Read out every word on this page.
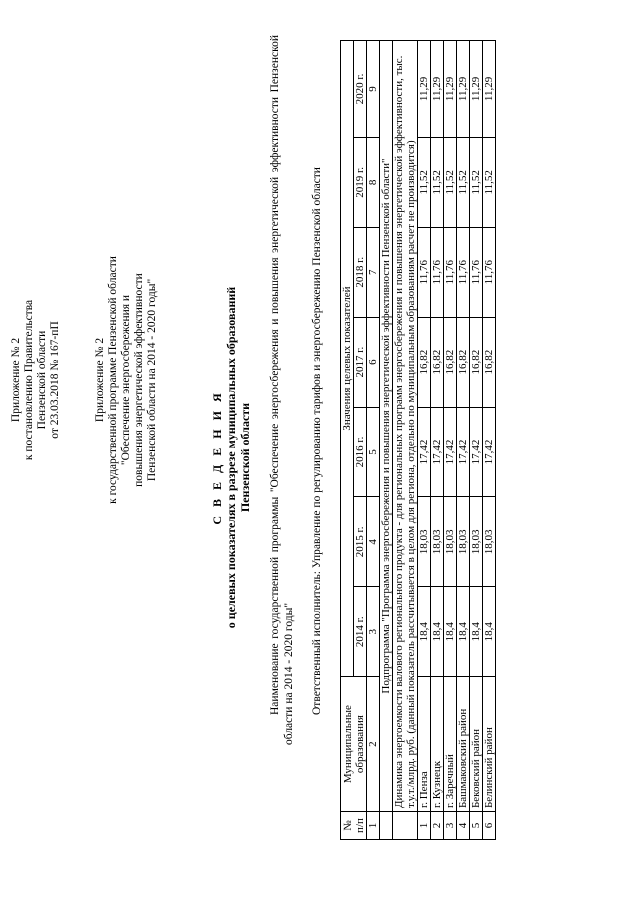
Приложение № 2 к постановлению Правительства Пензенской области от 23.03.2018 № 167-пП	Приложение № 2 к государственной программе Пензенской области "Обеспечение энергосбережения и повышения энергетической эффективности Пензенской области на 2014 - 2020 годы"	С В Е Д Е Н И Я о целевых показателях в разрезе муниципальных образований Пензенской области Наименование государственной программы "Обеспечение энергосбережения и повышения энергетической эффективности Пензенской области на 2014 - 2020 годы" Ответственный исполнитель: Управление по регулированию тарифов и энергосбережению Пензенской области
№ п/п	Муниципальные образования	Значения целевых показателей						
		2014 г.	2015 г.	2016 г.	2017 г.	2018 г.	2019 г.	2020 г.
1	2	3	4	5	6	7	8	9
	Подпрограмма "Программа энергосбережения и повышения энергетической эффективности Пензенской области"							
	Динамика энергоемкости валового регионального продукта - для региональных программ энергосбережения и повышения энергетической эффективности, тыс. т.у.т./млрд. руб. (данный показатель рассчитывается в целом для региона, отдельно по муниципальным образованиям расчет не производится)							
1	г. Пенза	18,4	18,03	17,42	16,82	11,76	11,52	11,29
2	г. Кузнецк	18,4	18,03	17,42	16,82	11,76	11,52	11,29
3	г. Заречный	18,4	18,03	17,42	16,82	11,76	11,52	11,29
4	Башмаковский район	18,4	18,03	17,42	16,82	11,76	11,52	11,29
5	Бековский район	18,4	18,03	17,42	16,82	11,76	11,52	11,29
6	Белинский район	18,4	18,03	17,42	16,82	11,76	11,52	11,29
